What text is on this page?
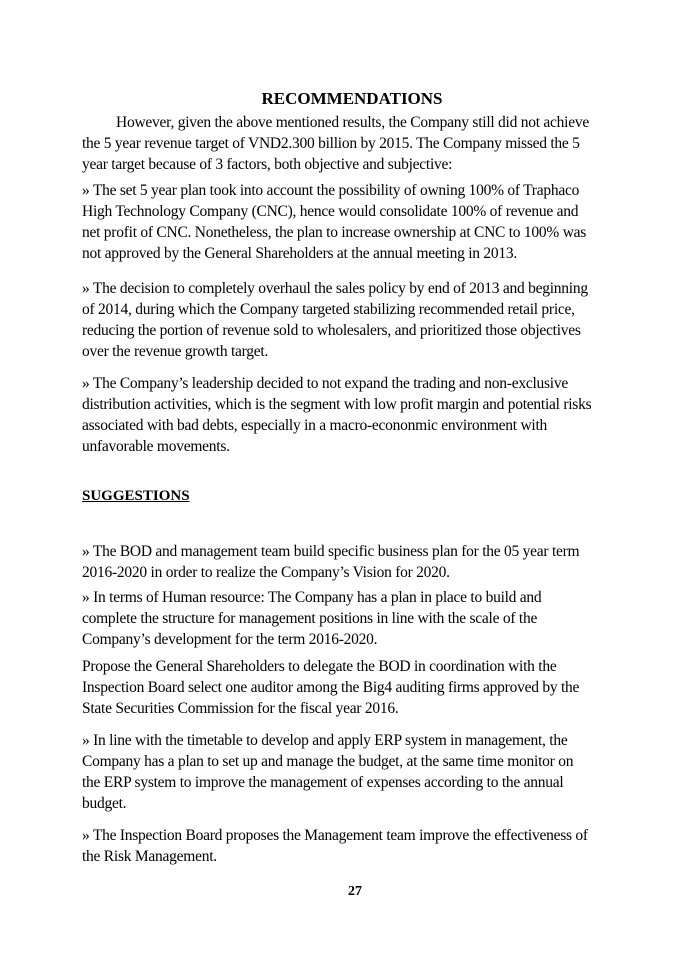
RECOMMENDATIONS
SUGGESTIONS
27
However, given the above mentioned results, the Company still did not achieve
the 5 year revenue target of VND2.300 billion by 2015. The Company missed the 5
year target because of 3 factors, both objective and subjective:
» The set 5 year plan took into account the possibility of owning 100% of Traphaco
High Technology Company (CNC), hence would consolidate 100% of revenue and
net profit of CNC. Nonetheless, the plan to increase ownership at CNC to 100% was
not approved by the General Shareholders at the annual meeting in 2013.
» The decision to completely overhaul the sales policy by end of 2013 and beginning
of 2014, during which the Company targeted stabilizing recommended retail price,
reducing the portion of revenue sold to wholesalers, and prioritized those objectives
over the revenue growth target.
» The Company’s leadership decided to not expand the trading and non-exclusive
distribution activities, which is the segment with low profit margin and potential risks
associated with bad debts, especially in a macro-econonmic environment with
unfavorable movements.
» The BOD and management team build specific business plan for the 05 year term
2016-2020 in order to realize the Company’s Vision for 2020.
» In terms of Human resource: The Company has a plan in place to build and
complete the structure for management positions in line with the scale of the
Company’s development for the term 2016-2020.
Propose the General Shareholders to delegate the BOD in coordination with the
Inspection Board select one auditor among the Big4 auditing firms approved by the
State Securities Commission for the fiscal year 2016.
» In line with the timetable to develop and apply ERP system in management, the
Company has a plan to set up and manage the budget, at the same time monitor on
the ERP system to improve the management of expenses according to the annual
budget.
» The Inspection Board proposes the Management team improve the effectiveness of
the Risk Management.
